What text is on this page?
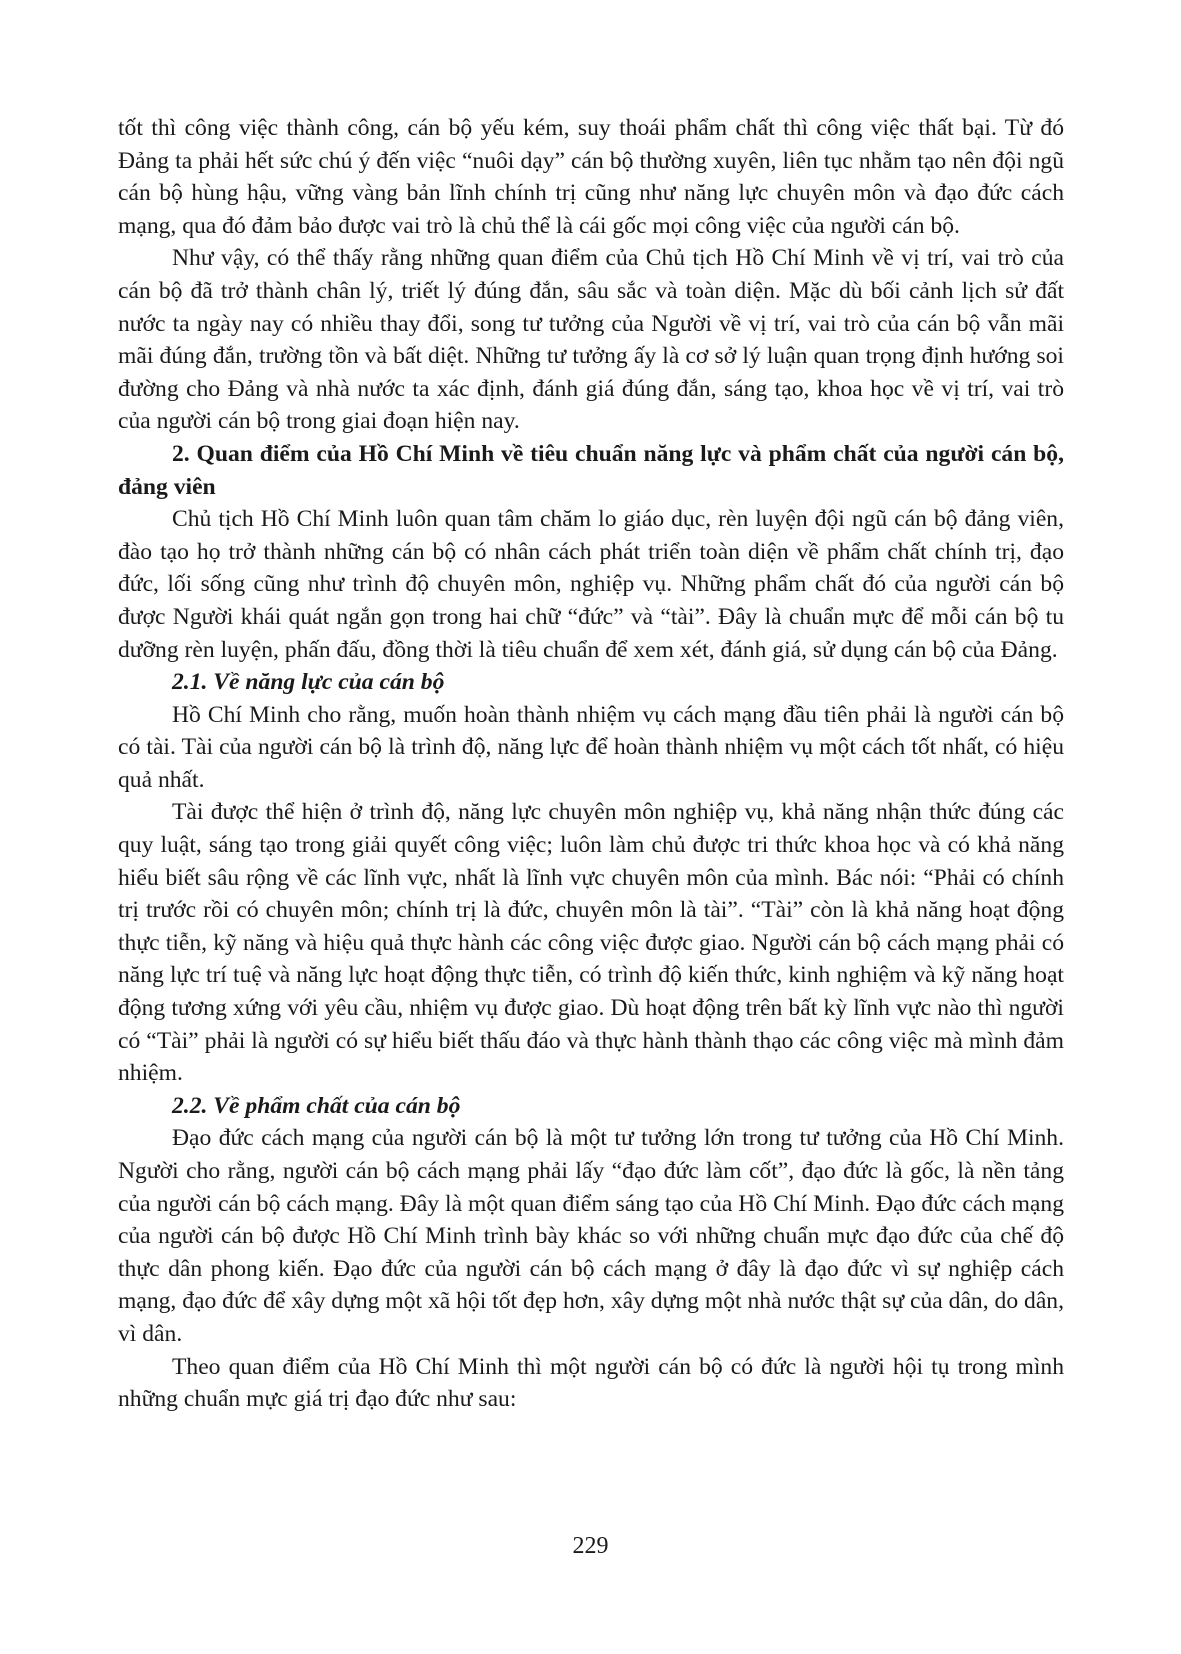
tốt thì công việc thành công, cán bộ yếu kém, suy thoái phẩm chất thì công việc thất bại. Từ đó Đảng ta phải hết sức chú ý đến việc “nuôi dạy” cán bộ thường xuyên, liên tục nhằm tạo nên đội ngũ cán bộ hùng hậu, vững vàng bản lĩnh chính trị cũng như năng lực chuyên môn và đạo đức cách mạng, qua đó đảm bảo được vai trò là chủ thể là cái gốc mọi công việc của người cán bộ.

Như vậy, có thể thấy rằng những quan điểm của Chủ tịch Hồ Chí Minh về vị trí, vai trò của cán bộ đã trở thành chân lý, triết lý đúng đắn, sâu sắc và toàn diện. Mặc dù bối cảnh lịch sử đất nước ta ngày nay có nhiều thay đổi, song tư tưởng của Người về vị trí, vai trò của cán bộ vẫn mãi mãi đúng đắn, trường tồn và bất diệt. Những tư tưởng ấy là cơ sở lý luận quan trọng định hướng soi đường cho Đảng và nhà nước ta xác định, đánh giá đúng đắn, sáng tạo, khoa học về vị trí, vai trò của người cán bộ trong giai đoạn hiện nay.

2. Quan điểm của Hồ Chí Minh về tiêu chuẩn năng lực và phẩm chất của người cán bộ, đảng viên

Chủ tịch Hồ Chí Minh luôn quan tâm chăm lo giáo dục, rèn luyện đội ngũ cán bộ đảng viên, đào tạo họ trở thành những cán bộ có nhân cách phát triển toàn diện về phẩm chất chính trị, đạo đức, lối sống cũng như trình độ chuyên môn, nghiệp vụ. Những phẩm chất đó của người cán bộ được Người khái quát ngắn gọn trong hai chữ “đức” và “tài”. Đây là chuẩn mực để mỗi cán bộ tu dưỡng rèn luyện, phấn đấu, đồng thời là tiêu chuẩn để xem xét, đánh giá, sử dụng cán bộ của Đảng.

2.1. Về năng lực của cán bộ

Hồ Chí Minh cho rằng, muốn hoàn thành nhiệm vụ cách mạng đầu tiên phải là người cán bộ có tài. Tài của người cán bộ là trình độ, năng lực để hoàn thành nhiệm vụ một cách tốt nhất, có hiệu quả nhất.

Tài được thể hiện ở trình độ, năng lực chuyên môn nghiệp vụ, khả năng nhận thức đúng các quy luật, sáng tạo trong giải quyết công việc; luôn làm chủ được tri thức khoa học và có khả năng hiểu biết sâu rộng về các lĩnh vực, nhất là lĩnh vực chuyên môn của mình. Bác nói: “Phải có chính trị trước rồi có chuyên môn; chính trị là đức, chuyên môn là tài”. “Tài” còn là khả năng hoạt động thực tiễn, kỹ năng và hiệu quả thực hành các công việc được giao. Người cán bộ cách mạng phải có năng lực trí tuệ và năng lực hoạt động thực tiễn, có trình độ kiến thức, kinh nghiệm và kỹ năng hoạt động tương xứng với yêu cầu, nhiệm vụ được giao. Dù hoạt động trên bất kỳ lĩnh vực nào thì người có “Tài” phải là người có sự hiểu biết thấu đáo và thực hành thành thạo các công việc mà mình đảm nhiệm.

2.2. Về phẩm chất của cán bộ

Đạo đức cách mạng của người cán bộ là một tư tưởng lớn trong tư tưởng của Hồ Chí Minh. Người cho rằng, người cán bộ cách mạng phải lấy “đạo đức làm cốt”, đạo đức là gốc, là nền tảng của người cán bộ cách mạng. Đây là một quan điểm sáng tạo của Hồ Chí Minh. Đạo đức cách mạng của người cán bộ được Hồ Chí Minh trình bày khác so với những chuẩn mực đạo đức của chế độ thực dân phong kiến. Đạo đức của người cán bộ cách mạng ở đây là đạo đức vì sự nghiệp cách mạng, đạo đức để xây dựng một xã hội tốt đẹp hơn, xây dựng một nhà nước thật sự của dân, do dân, vì dân.

Theo quan điểm của Hồ Chí Minh thì một người cán bộ có đức là người hội tụ trong mình những chuẩn mực giá trị đạo đức như sau:

229
